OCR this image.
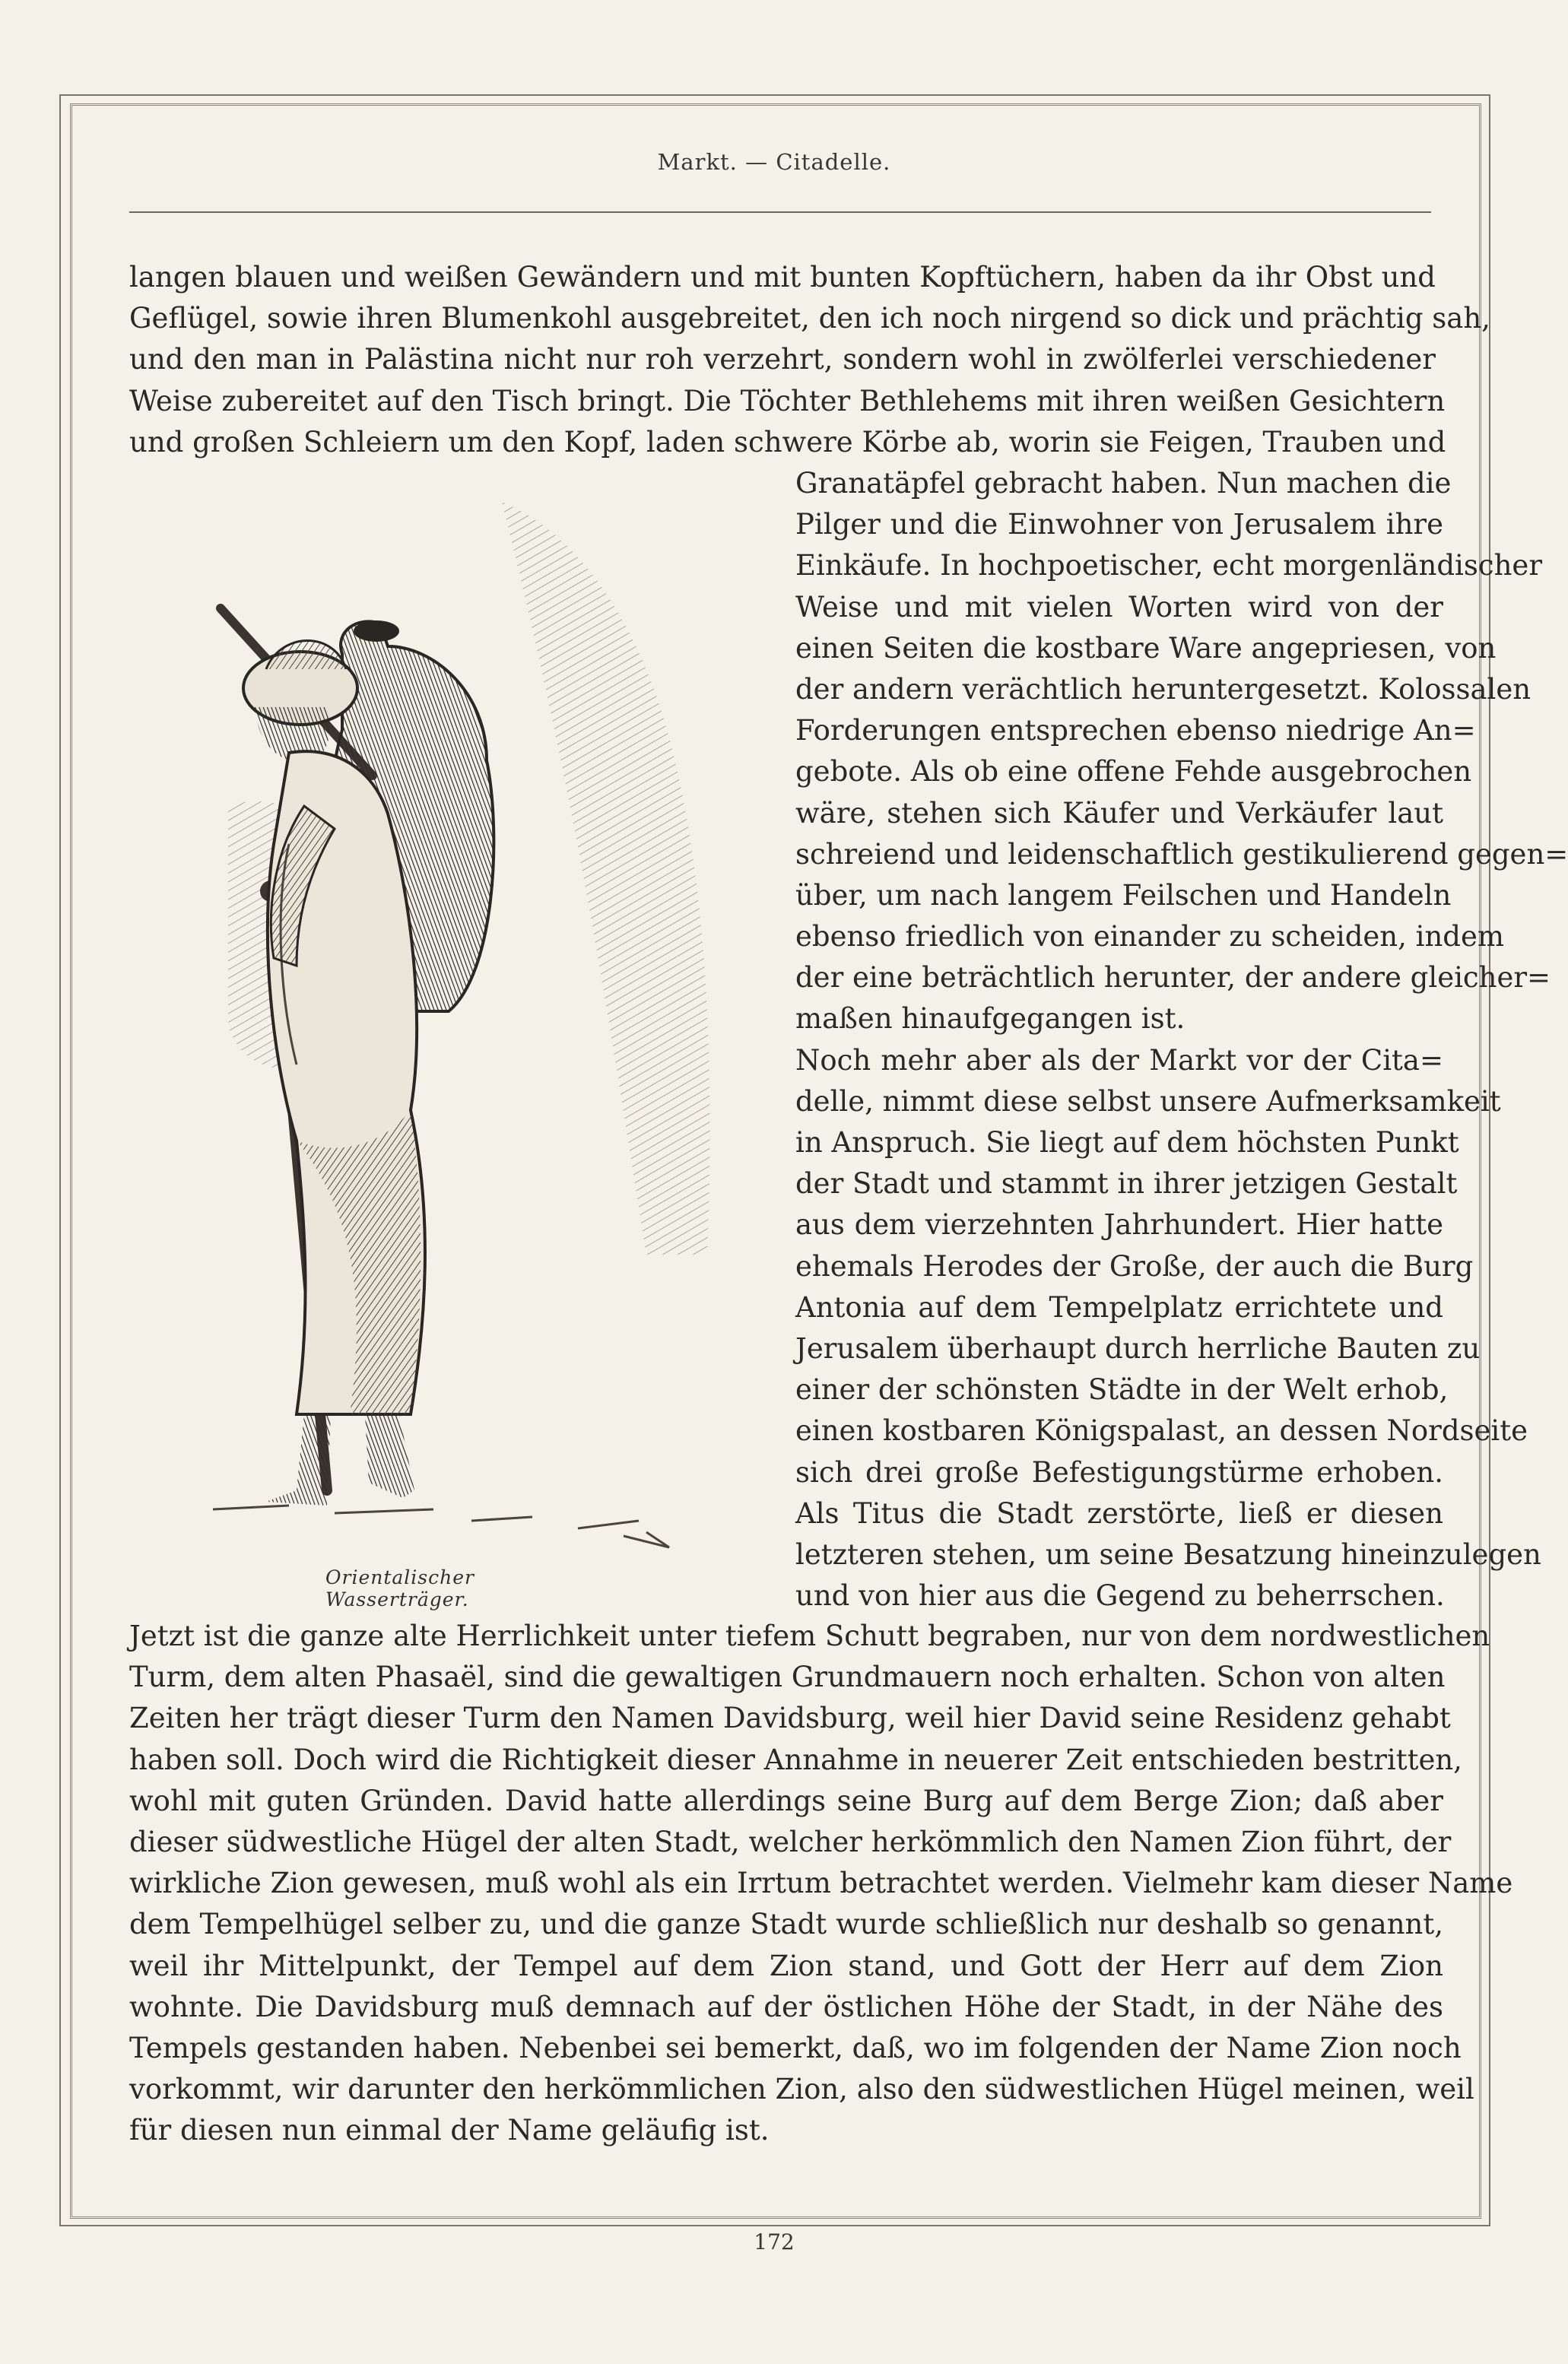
Markt. — Citadelle.
langen blauen und weißen Gewändern und mit bunten Kopftüchern, haben da ihr Obst und
Geflügel, sowie ihren Blumenkohl ausgebreitet, den ich noch nirgend so dick und prächtig sah,
und den man in Palästina nicht nur roh verzehrt, sondern wohl in zwölferlei verschiedener
Weise zubereitet auf den Tisch bringt. Die Töchter Bethlehems mit ihren weißen Gesichtern
und großen Schleiern um den Kopf, laden schwere Körbe ab, worin sie Feigen, Trauben und
Granatäpfel gebracht haben. Nun machen die
Pilger und die Einwohner von Jerusalem ihre
Einkäufe. In hochpoetischer, echt morgenländischer
Weise und mit vielen Worten wird von der
einen Seiten die kostbare Ware angepriesen, von
der andern verächtlich heruntergesetzt. Kolossalen
Forderungen entsprechen ebenso niedrige An=
gebote. Als ob eine offene Fehde ausgebrochen
wäre, stehen sich Käufer und Verkäufer laut
schreiend und leidenschaftlich gestikulierend gegen=
über, um nach langem Feilschen und Handeln
ebenso friedlich von einander zu scheiden, indem
der eine beträchtlich herunter, der andere gleicher=
maßen hinaufgegangen ist.
Noch mehr aber als der Markt vor der Cita=
delle, nimmt diese selbst unsere Aufmerksamkeit
in Anspruch. Sie liegt auf dem höchsten Punkt
der Stadt und stammt in ihrer jetzigen Gestalt
aus dem vierzehnten Jahrhundert. Hier hatte
ehemals Herodes der Große, der auch die Burg
Antonia auf dem Tempelplatz errichtete und
Jerusalem überhaupt durch herrliche Bauten zu
einer der schönsten Städte in der Welt erhob,
einen kostbaren Königspalast, an dessen Nordseite
sich drei große Befestigungstürme erhoben.
Als Titus die Stadt zerstörte, ließ er diesen
letzteren stehen, um seine Besatzung hineinzulegen
und von hier aus die Gegend zu beherrschen.
Orientalischer Wasserträger.
Jetzt ist die ganze alte Herrlichkeit unter tiefem Schutt begraben, nur von dem nordwestlichen
Turm, dem alten Phasaël, sind die gewaltigen Grundmauern noch erhalten. Schon von alten
Zeiten her trägt dieser Turm den Namen Davidsburg, weil hier David seine Residenz gehabt
haben soll. Doch wird die Richtigkeit dieser Annahme in neuerer Zeit entschieden bestritten,
wohl mit guten Gründen. David hatte allerdings seine Burg auf dem Berge Zion; daß aber
dieser südwestliche Hügel der alten Stadt, welcher herkömmlich den Namen Zion führt, der
wirkliche Zion gewesen, muß wohl als ein Irrtum betrachtet werden. Vielmehr kam dieser Name
dem Tempelhügel selber zu, und die ganze Stadt wurde schließlich nur deshalb so genannt,
weil ihr Mittelpunkt, der Tempel auf dem Zion stand, und Gott der Herr auf dem Zion
wohnte. Die Davidsburg muß demnach auf der östlichen Höhe der Stadt, in der Nähe des
Tempels gestanden haben. Nebenbei sei bemerkt, daß, wo im folgenden der Name Zion noch
vorkommt, wir darunter den herkömmlichen Zion, also den südwestlichen Hügel meinen, weil
für diesen nun einmal der Name geläufig ist.
172
